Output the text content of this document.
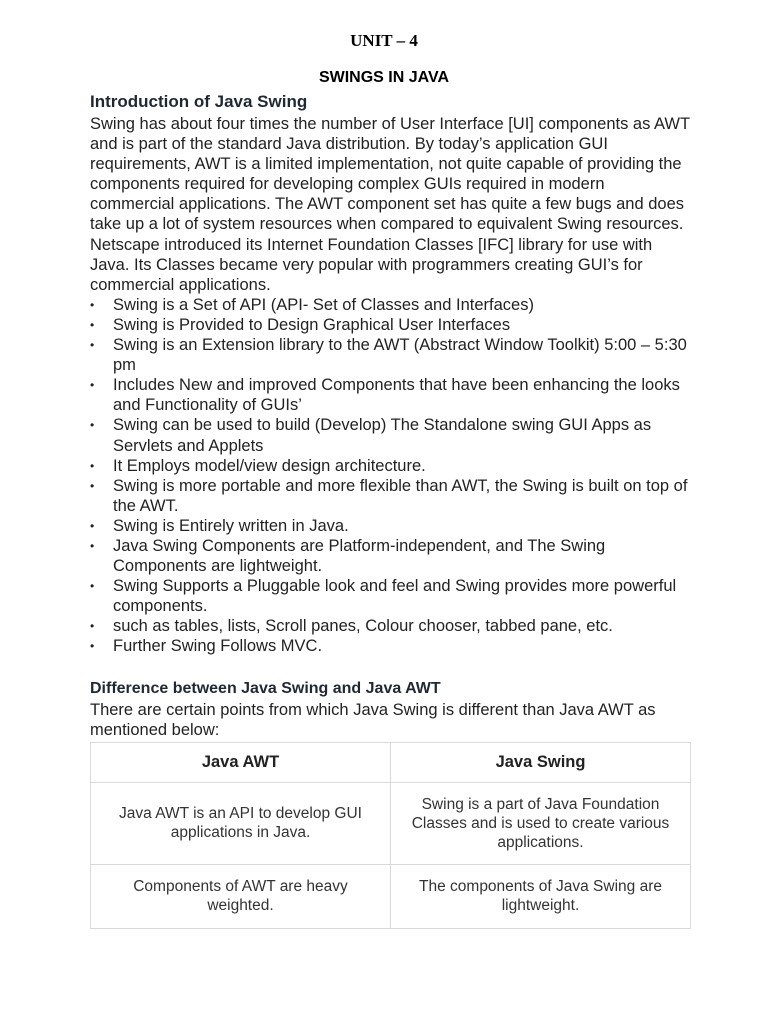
UNIT – 4
SWINGS IN JAVA
Introduction of Java Swing

Swing has about four times the number of User Interface [UI] components as AWT and is part of the standard Java distribution. By today’s application GUI requirements, AWT is a limited implementation, not quite capable of providing the components required for developing complex GUIs required in modern commercial applications. The AWT component set has quite a few bugs and does take up a lot of system resources when compared to equivalent Swing resources. Netscape introduced its Internet Foundation Classes [IFC] library for use with Java. Its Classes became very popular with programmers creating GUI’s for commercial applications.

•	Swing is a Set of API (API- Set of Classes and Interfaces)
•	Swing is Provided to Design Graphical User Interfaces
•	Swing is an Extension library to the AWT (Abstract Window Toolkit) 5:00 – 5:30 pm
•	Includes New and improved Components that have been enhancing the looks and Functionality of GUIs’
•	Swing can be used to build (Develop) The Standalone swing GUI Apps as Servlets and Applets
•	It Employs model/view design architecture.
•	Swing is more portable and more flexible than AWT, the Swing is built on top of the AWT.
•	Swing is Entirely written in Java.
•	Java Swing Components are Platform-independent, and The Swing Components are lightweight.
•	Swing Supports a Pluggable look and feel and Swing provides more powerful components.
•	such as tables, lists, Scroll panes, Colour chooser, tabbed pane, etc.
•	Further Swing Follows MVC.
Difference between Java Swing and Java AWT

There are certain points from which Java Swing is different than Java AWT as mentioned below:

Java AWT	Java Swing
Java AWT is an API to develop GUI applications in Java.	Swing is a part of Java Foundation Classes and is used to create various applications.
Components of AWT are heavy weighted.	The components of Java Swing are lightweight.
